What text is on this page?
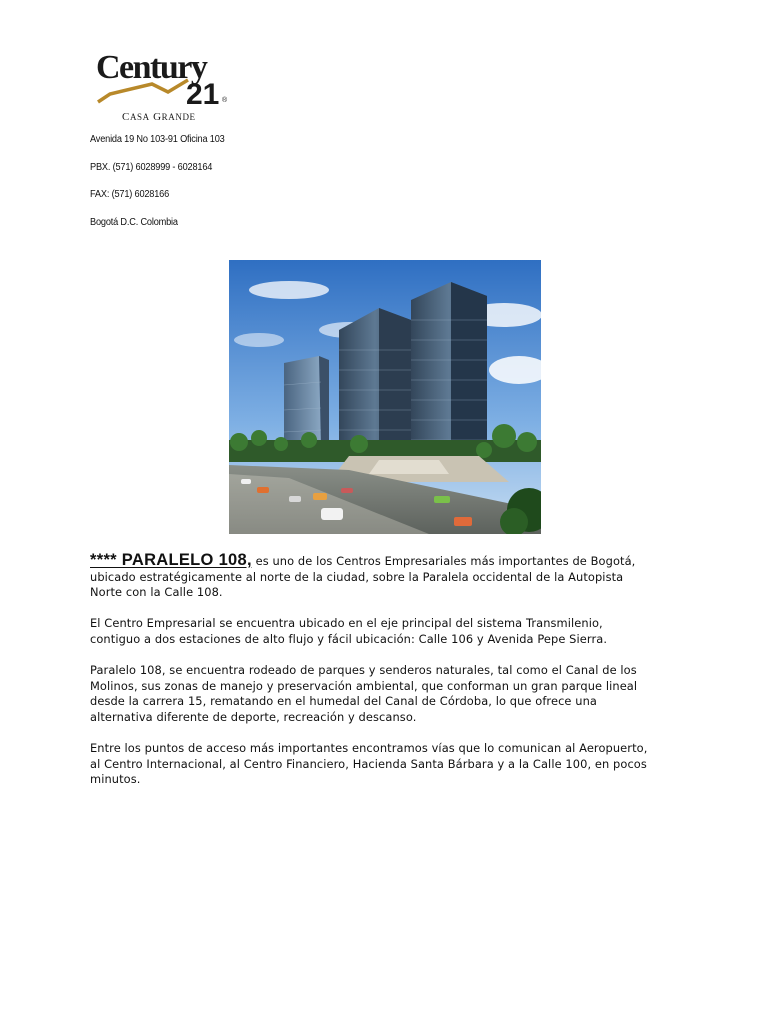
Century
21 ®
CASA GRANDE

Avenida 19 No 103-91 Oficina 103

PBX. (571) 6028999 - 6028164

FAX: (571) 6028166

Bogotá D.C. Colombia

**** PARALELO 108, es uno de los Centros Empresariales más importantes de Bogotá, ubicado estratégicamente al norte de la ciudad, sobre la Paralela occidental de la Autopista Norte con la Calle 108.

El Centro Empresarial se encuentra ubicado en el eje principal del sistema Transmilenio, contiguo a dos estaciones de alto flujo y fácil ubicación: Calle 106 y Avenida Pepe Sierra.

Paralelo 108, se encuentra rodeado de parques y senderos naturales, tal como el Canal de los Molinos, sus zonas de manejo y preservación ambiental, que conforman un gran parque lineal desde la carrera 15, rematando en el humedal del Canal de Córdoba, lo que ofrece una alternativa diferente de deporte, recreación y descanso.

Entre los puntos de acceso más importantes encontramos vías que lo comunican al Aeropuerto, al Centro Internacional, al Centro Financiero, Hacienda Santa Bárbara y a la Calle 100, en pocos minutos.
